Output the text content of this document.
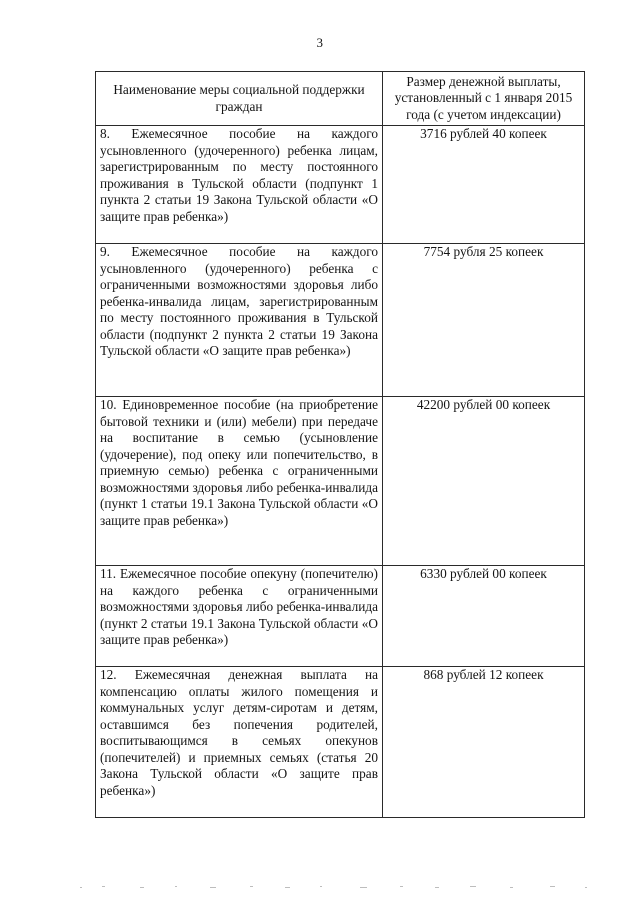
3
Наименование меры социальной поддержки граждан	Размер денежной выплаты, установленный с 1 января 2015 года (с учетом индексации)
8. Ежемесячное пособие на каждого усыновленного (удочеренного) ребенка лицам, зарегистрированным по месту постоянного проживания в Тульской области (подпункт 1 пункта 2 статьи 19 Закона Тульской области «О защите прав ребенка»)	3716 рублей 40 копеек
9. Ежемесячное пособие на каждого усыновленного (удочеренного) ребенка с ограниченными возможностями здоровья либо ребенка-инвалида лицам, зарегистрированным по месту постоянного проживания в Тульской области (подпункт 2 пункта 2 статьи 19 Закона Тульской области «О защите прав ребенка»)	7754 рубля 25 копеек
10. Единовременное пособие (на приобретение бытовой техники и (или) мебели) при передаче на воспитание в семью (усыновление (удочерение), под опеку или попечительство, в приемную семью) ребенка с ограниченными возможностями здоровья либо ребенка-инвалида (пункт 1 статьи 19.1 Закона Тульской области «О защите прав ребенка»)	42200 рублей 00 копеек
11. Ежемесячное пособие опекуну (попечителю) на каждого ребенка с ограниченными возможностями здоровья либо ребенка-инвалида (пункт 2 статьи 19.1 Закона Тульской области «О защите прав ребенка»)	6330 рублей 00 копеек
12. Ежемесячная денежная выплата на компенсацию оплаты жилого помещения и коммунальных услуг детям-сиротам и детям, оставшимся без попечения родителей, воспитывающимся в семьях опекунов (попечителей) и приемных семьях (статья 20 Закона Тульской области «О защите прав ребенка»)	868 рублей 12 копеек
